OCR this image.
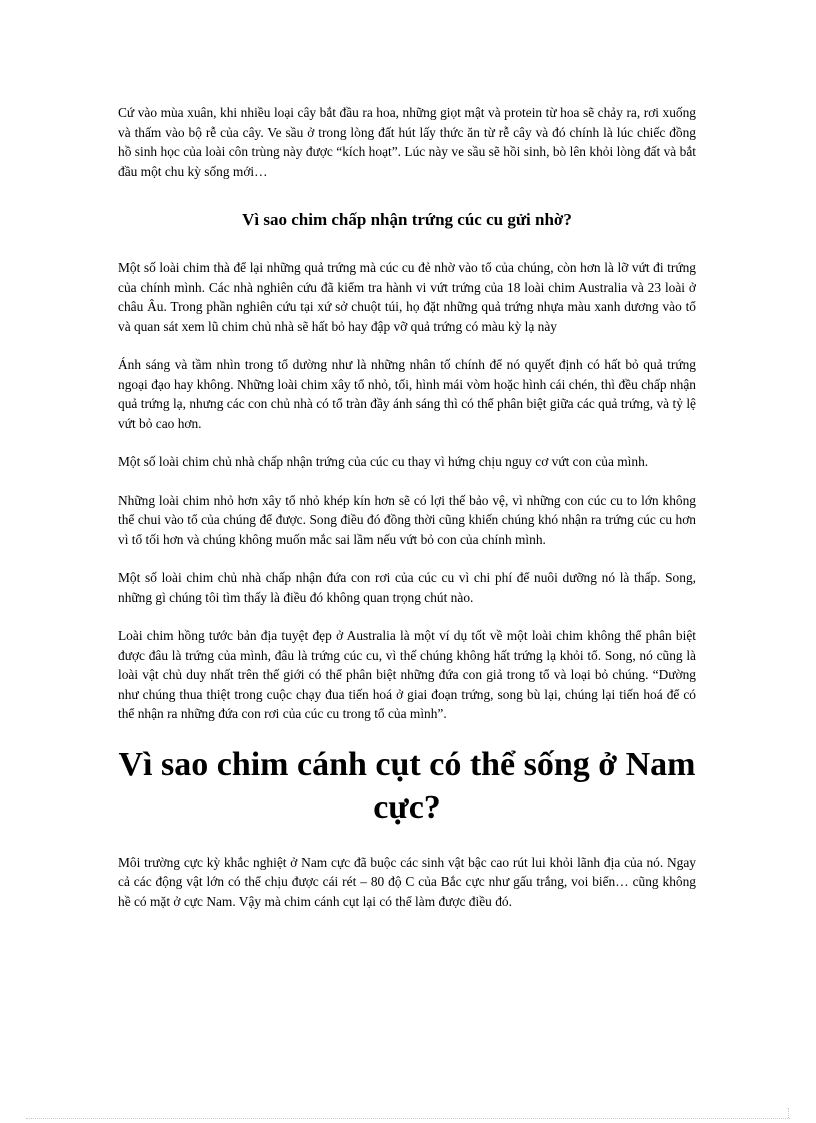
Cứ vào mùa xuân, khi nhiều loại cây bắt đầu ra hoa, những giọt mật và protein từ hoa sẽ chảy ra, rơi xuống và thấm vào bộ rễ của cây. Ve sầu ở trong lòng đất hút lấy thức ăn từ rễ cây và đó chính là lúc chiếc đồng hồ sinh học của loài côn trùng này được “kích hoạt”. Lúc này ve sầu sẽ hồi sinh, bò lên khỏi lòng đất và bắt đầu một chu kỳ sống mới…

Vì sao chim chấp nhận trứng cúc cu gửi nhờ?

Một số loài chim thà để lại những quả trứng mà cúc cu đẻ nhờ vào tổ của chúng, còn hơn là lỡ vứt đi trứng của chính mình. Các nhà nghiên cứu đã kiểm tra hành vi vứt trứng của 18 loài chim Australia và 23 loài ở châu Âu. Trong phần nghiên cứu tại xứ sở chuột túi, họ đặt những quả trứng nhựa màu xanh dương vào tổ và quan sát xem lũ chim chủ nhà sẽ hất bỏ hay đập vỡ quả trứng có màu kỳ lạ này

Ánh sáng và tầm nhìn trong tổ dường như là những nhân tố chính để nó quyết định có hất bỏ quả trứng ngoại đạo hay không. Những loài chim xây tổ nhỏ, tối, hình mái vòm hoặc hình cái chén, thì đều chấp nhận quả trứng lạ, nhưng các con chủ nhà có tổ tràn đầy ánh sáng thì có thể phân biệt giữa các quả trứng, và tỷ lệ vứt bỏ cao hơn.

Một số loài chim chủ nhà chấp nhận trứng của cúc cu thay vì hứng chịu nguy cơ vứt con của mình.

Những loài chim nhỏ hơn xây tổ nhỏ khép kín hơn sẽ có lợi thế bảo vệ, vì những con cúc cu to lớn không thể chui vào tổ của chúng để được. Song điều đó đồng thời cũng khiến chúng khó nhận ra trứng cúc cu hơn vì tổ tối hơn và chúng không muốn mắc sai lầm nếu vứt bỏ con của chính mình.

Một số loài chim chủ nhà chấp nhận đứa con rơi của cúc cu vì chi phí để nuôi dưỡng nó là thấp. Song, những gì chúng tôi tìm thấy là điều đó không quan trọng chút nào.

Loài chim hồng tước bản địa tuyệt đẹp ở Australia là một ví dụ tốt về một loài chim không thể phân biệt được đâu là trứng của mình, đâu là trứng cúc cu, vì thế chúng không hất trứng lạ khỏi tổ. Song, nó cũng là loài vật chủ duy nhất trên thế giới có thể phân biệt những đứa con giả trong tổ và loại bỏ chúng. “Dường như chúng thua thiệt trong cuộc chạy đua tiến hoá ở giai đoạn trứng, song bù lại, chúng lại tiến hoá để có thể nhận ra những đứa con rơi của cúc cu trong tổ của mình”.

Vì sao chim cánh cụt có thể sống ở Nam cực?

Môi trường cực kỳ khắc nghiệt ở Nam cực đã buộc các sinh vật bậc cao rút lui khỏi lãnh địa của nó. Ngay cả các động vật lớn có thể chịu được cái rét – 80 độ C của Bắc cực như gấu trắng, voi biển… cũng không hề có mặt ở cực Nam. Vậy mà chim cánh cụt lại có thể làm được điều đó.
